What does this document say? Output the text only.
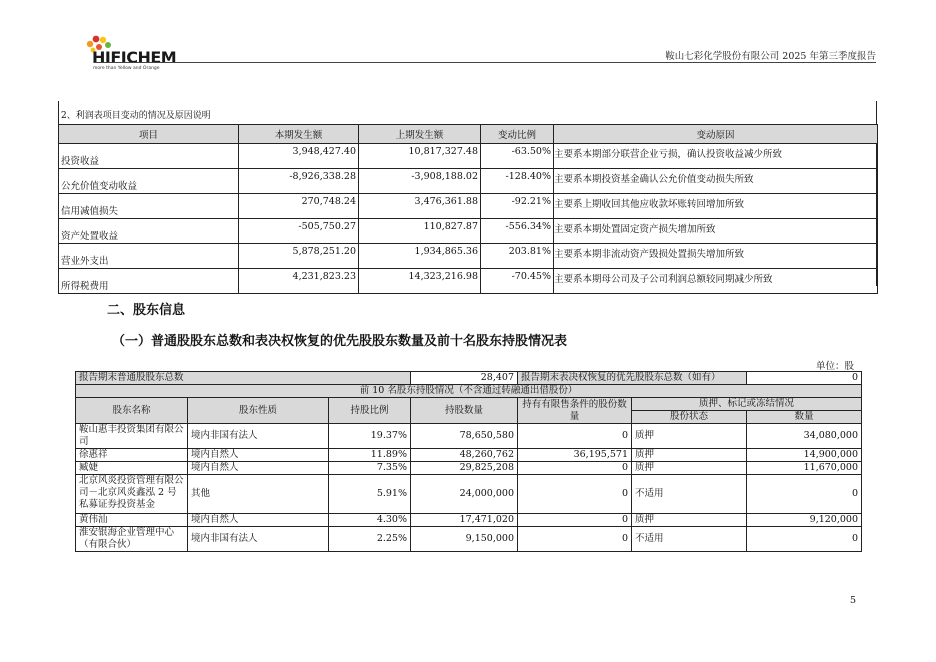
HIFICHEM
more than Yellow and Orange
鞍山七彩化学股份有限公司 2025 年第三季度报告
2、利润表项目变动的情况及原因说明
项目	本期发生额	上期发生额	变动比例	变动原因
投资收益	3,948,427.40	10,817,327.48	-63.50%	主要系本期部分联营企业亏损，确认投资收益减少所致
公允价值变动收益	-8,926,338.28	-3,908,188.02	-128.40%	主要系本期投资基金确认公允价值变动损失所致
信用减值损失	270,748.24	3,476,361.88	-92.21%	主要系上期收回其他应收款坏账转回增加所致
资产处置收益	-505,750.27	110,827.87	-556.34%	主要系本期处置固定资产损失增加所致
营业外支出	5,878,251.20	1,934,865.36	203.81%	主要系本期非流动资产毁损处置损失增加所致
所得税费用	4,231,823.23	14,323,216.98	-70.45%	主要系本期母公司及子公司利润总额较同期减少所致
二、股东信息
（一）普通股股东总数和表决权恢复的优先股股东数量及前十名股东持股情况表
单位：股
报告期末普通股股东总数			28,407	报告期末表决权恢复的优先股股东总数（如有）		0
前 10 名股东持股情况（不含通过转融通出借股份）						
股东名称	股东性质	持股比例	持股数量	持有有限售条件的股份数量	质押、标记或冻结情况	
					股份状态	数量
鞍山惠丰投资集团有限公司	境内非国有法人	19.37%	78,650,580	0	质押	34,080,000
徐惠祥	境内自然人	11.89%	48,260,762	36,195,571	质押	14,900,000
臧婕	境内自然人	7.35%	29,825,208	0	质押	11,670,000
北京风炎投资管理有限公司－北京风炎鑫泓 2 号私募证券投资基金	其他	5.91%	24,000,000	0	不适用	0
黄伟汕	境内自然人	4.30%	17,471,020	0	质押	9,120,000
淮安银海企业管理中心（有限合伙）	境内非国有法人	2.25%	9,150,000	0	不适用	0
5
